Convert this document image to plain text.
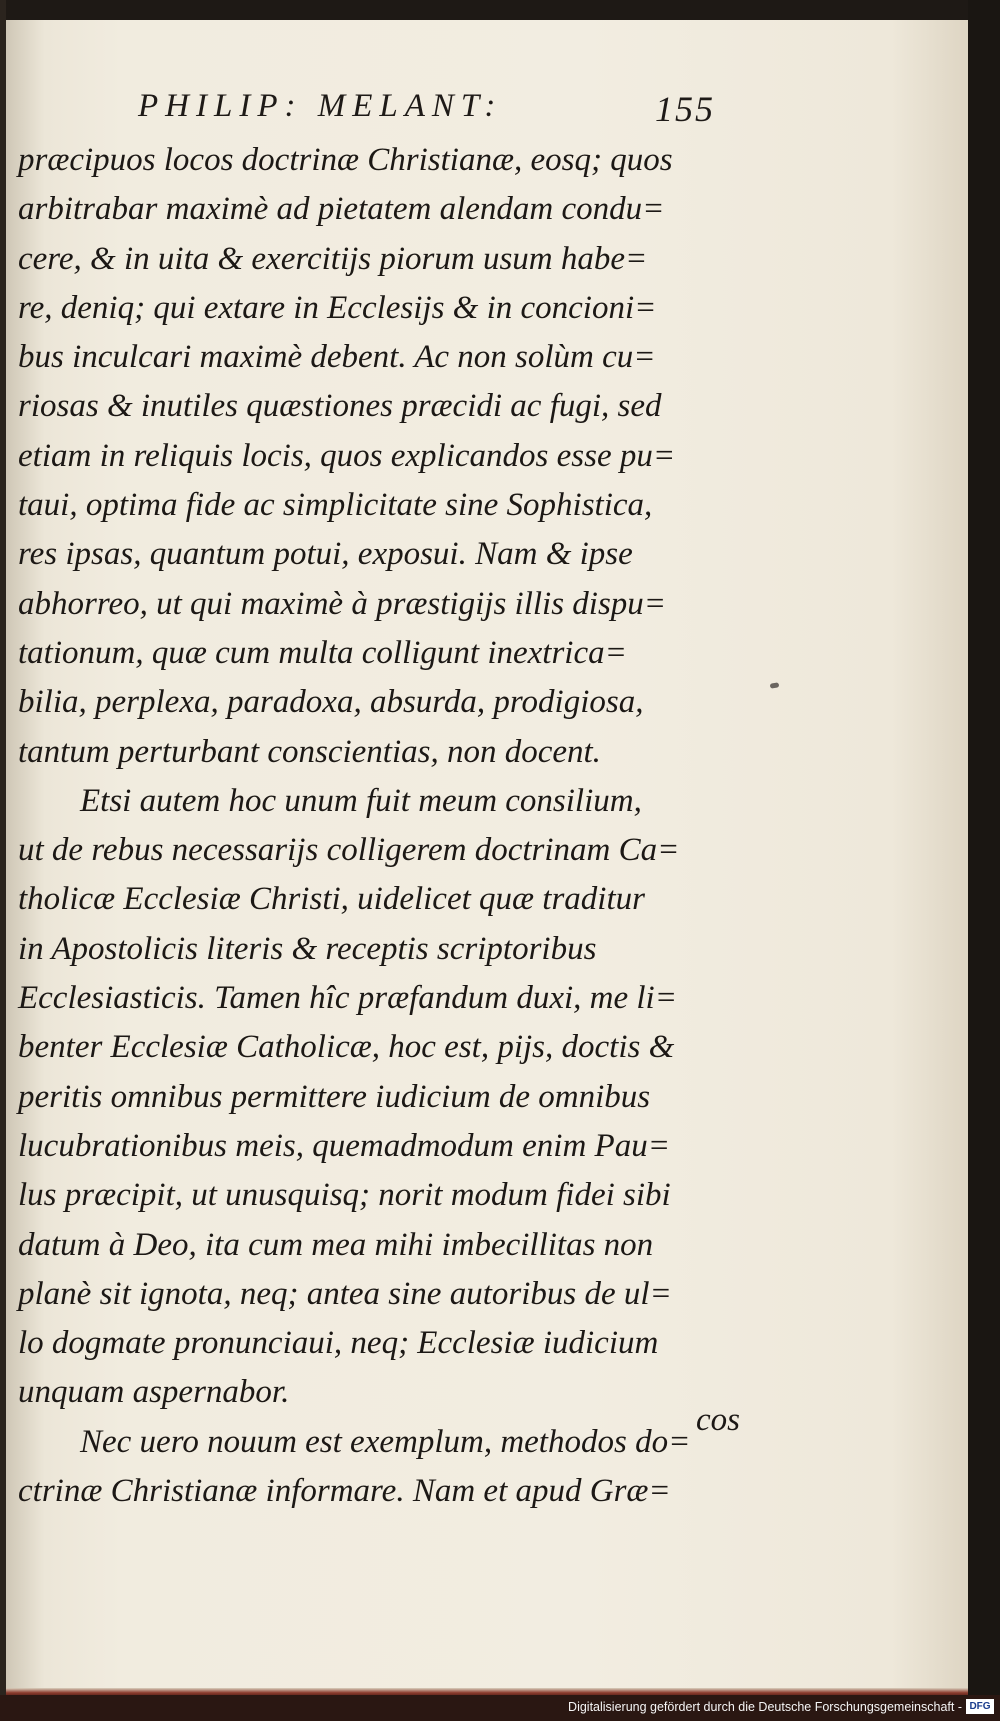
PHILIP: MELANT:	155
præcipuos locos doctrinæ Christianæ, eosq; quos
arbitrabar maximè ad pietatem alendam condu=
cere, & in uita & exercitijs piorum usum habe=
re, deniq; qui extare in Ecclesijs & in concioni=
bus inculcari maximè debent. Ac non solùm cu=
riosas & inutiles quæstiones præcidi ac fugi, sed
etiam in reliquis locis, quos explicandos esse pu=
taui, optima fide ac simplicitate sine Sophistica,
res ipsas, quantum potui, exposui. Nam & ipse
abhorreo, ut qui maximè à præstigijs illis dispu=
tationum, quæ cum multa colligunt inextrica=
bilia, perplexa, paradoxa, absurda, prodigiosa,
tantum perturbant conscientias, non docent.
Etsi autem hoc unum fuit meum consilium,
ut de rebus necessarijs colligerem doctrinam Ca=
tholicæ Ecclesiæ Christi, uidelicet quæ traditur
in Apostolicis literis & receptis scriptoribus
Ecclesiasticis. Tamen hîc præfandum duxi, me li=
benter Ecclesiæ Catholicæ, hoc est, pijs, doctis &
peritis omnibus permittere iudicium de omnibus
lucubrationibus meis, quemadmodum enim Pau=
lus præcipit, ut unusquisq; norit modum fidei sibi
datum à Deo, ita cum mea mihi imbecillitas non
planè sit ignota, neq; antea sine autoribus de ul=
lo dogmate pronunciaui, neq; Ecclesiæ iudicium
unquam aspernabor.
Nec uero nouum est exemplum, methodos do=
ctrinæ Christianæ informare. Nam et apud Græ=
cos
Digitalisierung gefördert durch die Deutsche Forschungsgemeinschaft - DFG
